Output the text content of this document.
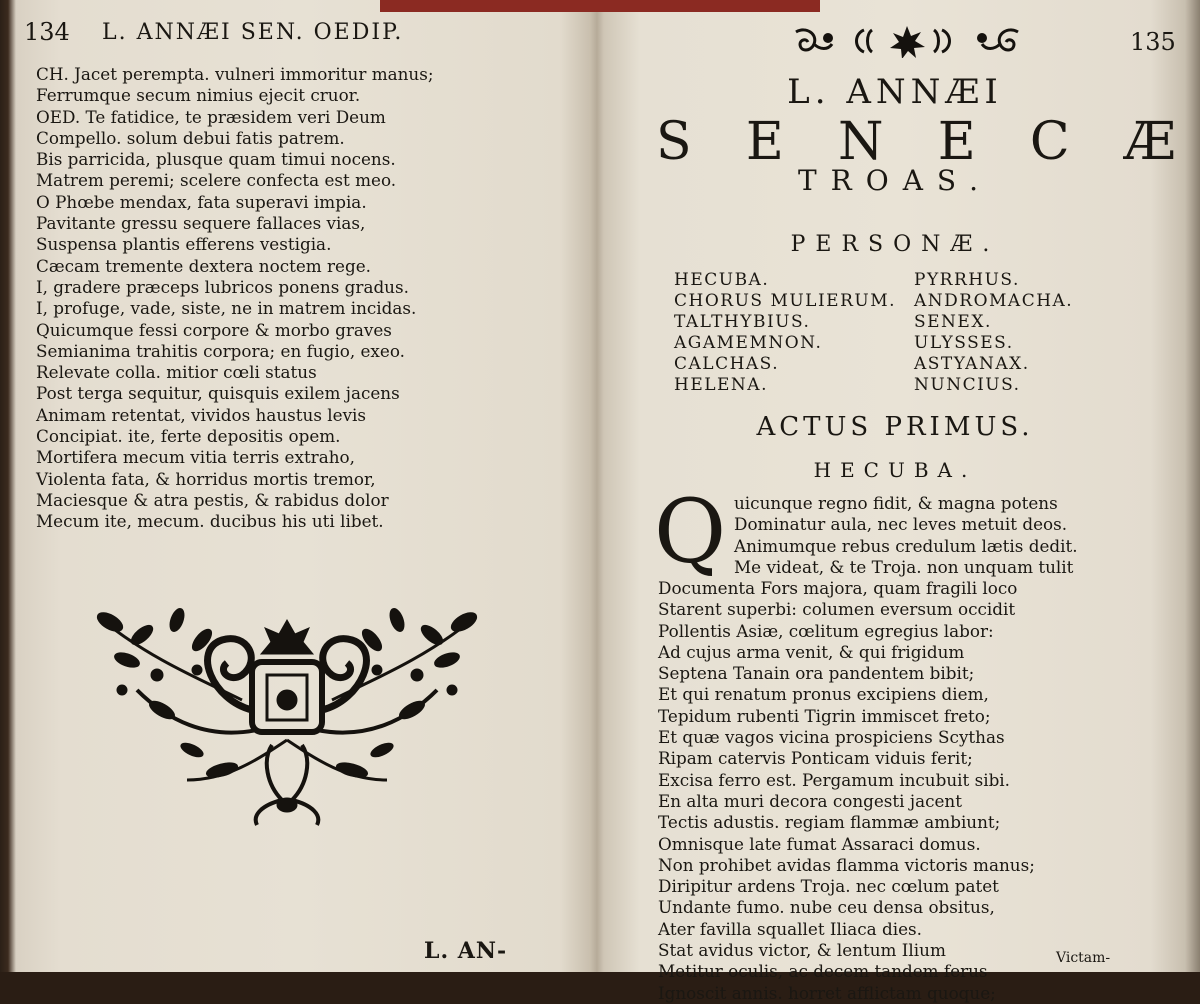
134 L. ANNÆI SEN. OEDIP.
CH. Jacet perempta. vulneri immoritur manus;
Ferrumque secum nimius ejecit cruor.
OED. Te fatidice, te præsidem veri Deum
Compello. solum debui fatis patrem.
Bis parricida, plusque quam timui nocens.
Matrem peremi; scelere confecta est meo.
O Phœbe mendax, fata superavi impia.
Pavitante gressu sequere fallaces vias,
Suspensa plantis efferens vestigia.
Cæcam tremente dextera noctem rege.
I, gradere præceps lubricos ponens gradus.
I, profuge, vade, siste, ne in matrem incidas.
Quicumque fessi corpore & morbo graves
Semianima trahitis corpora; en fugio, exeo.
Relevate colla. mitior cœli status
Post terga sequitur, quisquis exilem jacens
Animam retentat, vividos haustus levis
Concipiat. ite, ferte depositis opem.
Mortifera mecum vitia terris extraho,
Violenta fata, & horridus mortis tremor,
Maciesque & atra pestis, & rabidus dolor
Mecum ite, mecum. ducibus his uti libet.
L. AN-
135
L. ANNÆI
S E N E C Æ
TROAS.
PERSONÆ.
HECUBA.
CHORUS MULIERUM.
TALTHYBIUS.
AGAMEMNON.
CALCHAS.
HELENA.
PYRRHUS.
ANDROMACHA.
SENEX.
ULYSSES.
ASTYANAX.
NUNCIUS.
ACTUS PRIMUS.
HECUBA.
Q uicunque regno fidit, & magna potens
Dominatur aula, nec leves metuit deos.
Animumque rebus credulum lætis dedit.
Me videat, & te Troja. non unquam tulit
Documenta Fors majora, quam fragili loco
Starent superbi: columen eversum occidit
Pollentis Asiæ, cœlitum egregius labor:
Ad cujus arma venit, & qui frigidum
Septena Tanain ora pandentem bibit;
Et qui renatum pronus excipiens diem,
Tepidum rubenti Tigrin immiscet freto;
Et quæ vagos vicina prospiciens Scythas
Ripam catervis Ponticam viduis ferit;
Excisa ferro est. Pergamum incubuit sibi.
En alta muri decora congesti jacent
Tectis adustis. regiam flammæ ambiunt;
Omnisque late fumat Assaraci domus.
Non prohibet avidas flamma victoris manus;
Diripitur ardens Troja. nec cœlum patet
Undante fumo. nube ceu densa obsitus,
Ater favilla squallet Iliaca dies.
Stat avidus victor, & lentum Ilium
Metitur oculis, ac decem tandem ferus
Ignoscit annis. horret afflictam quoque;
Victam-
